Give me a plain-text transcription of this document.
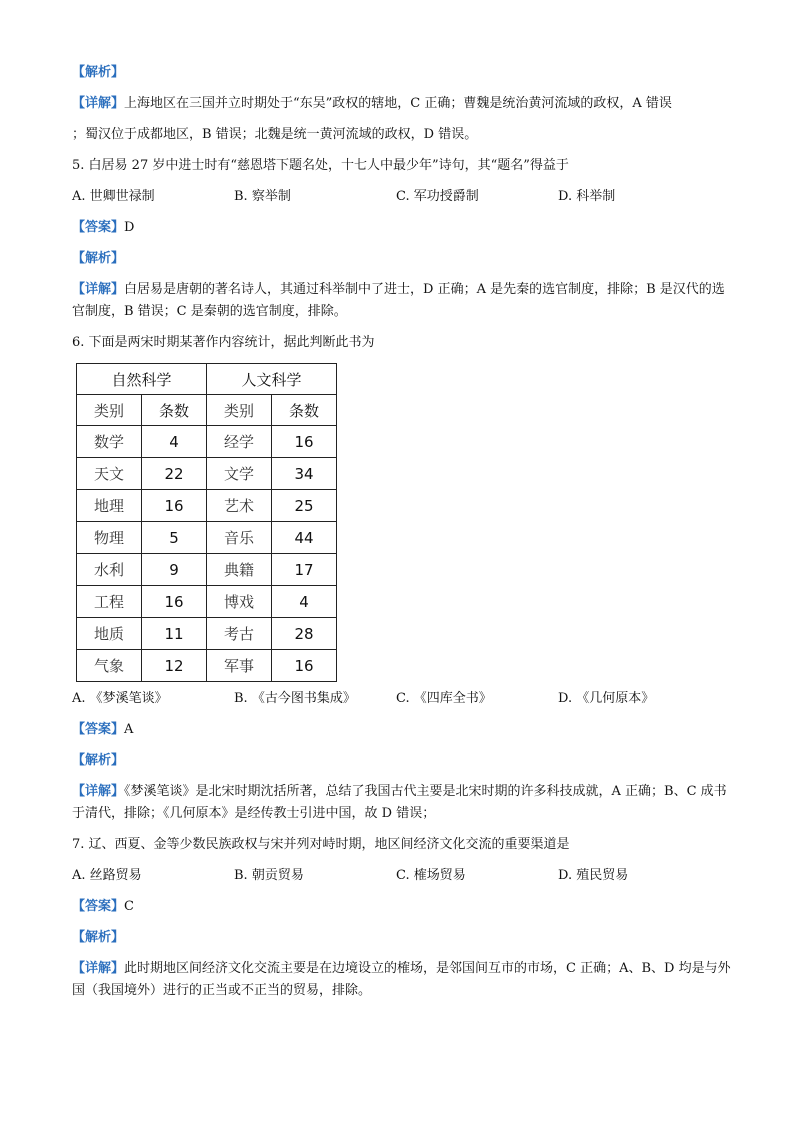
【解析】
【详解】上海地区在三国并立时期处于“东吴”政权的辖地，C 正确；曹魏是统治黄河流域的政权，A 错误
；蜀汉位于成都地区，B 错误；北魏是统一黄河流域的政权，D 错误。
5. 白居易 27 岁中进士时有“慈恩塔下题名处，十七人中最少年”诗句，其“题名”得益于
A. 世卿世禄制	B. 察举制	C. 军功授爵制	D. 科举制
【答案】D
【解析】
【详解】白居易是唐朝的著名诗人，其通过科举制中了进士，D 正确；A 是先秦的选官制度，排除；B 是汉代的选官制度，B 错误；C 是秦朝的选官制度，排除。
6. 下面是两宋时期某著作内容统计，据此判断此书为
自然科学		人文科学	
类别	条数	类别	条数
数学	4	经学	16
天文	22	文学	34
地理	16	艺术	25
物理	5	音乐	44
水利	9	典籍	17
工程	16	博戏	4
地质	11	考古	28
气象	12	军事	16
A. 《梦溪笔谈》	B. 《古今图书集成》	C. 《四库全书》	D. 《几何原本》
【答案】A
【解析】
【详解】《梦溪笔谈》是北宋时期沈括所著，总结了我国古代主要是北宋时期的许多科技成就，A 正确；B、C 成书于清代，排除；《几何原本》是经传教士引进中国，故 D 错误；
7. 辽、西夏、金等少数民族政权与宋并列对峙时期，地区间经济文化交流的重要渠道是
A. 丝路贸易	B. 朝贡贸易	C. 榷场贸易	D. 殖民贸易
【答案】C
【解析】
【详解】此时期地区间经济文化交流主要是在边境设立的榷场，是邻国间互市的市场，C 正确；A、B、D 均是与外国（我国境外）进行的正当或不正当的贸易，排除。
